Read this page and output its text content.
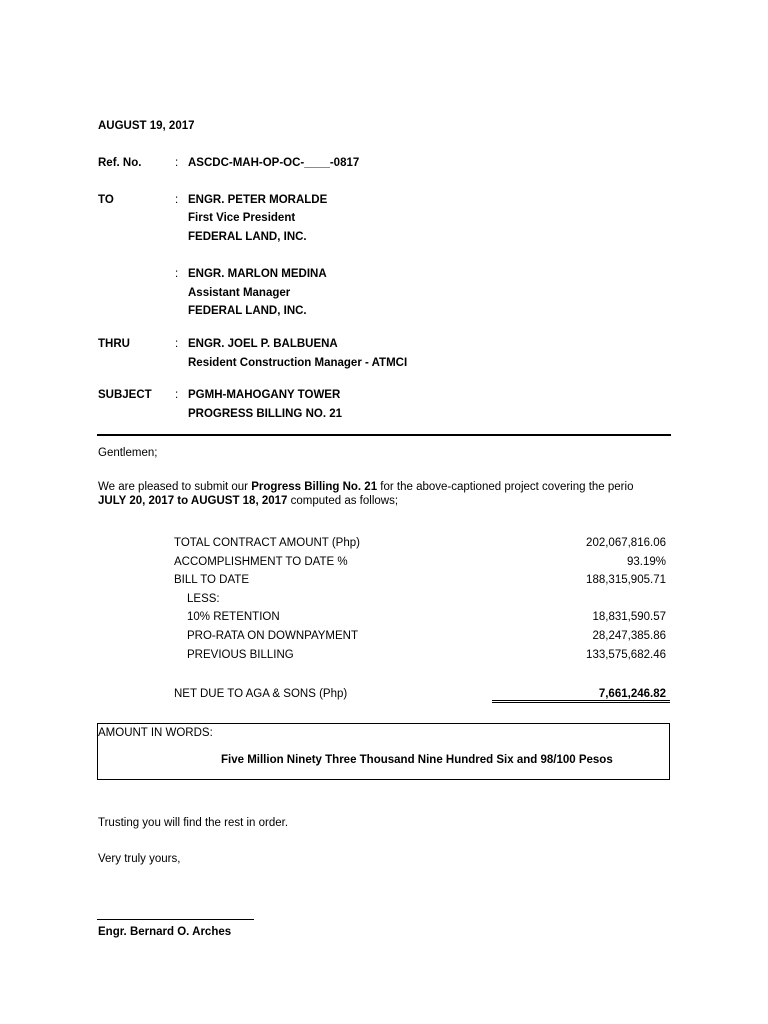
AUGUST 19, 2017
Ref. No.	: ASCDC-MAH-OP-OC-____-0817
TO	: ENGR. PETER MORALDE
First Vice President
FEDERAL LAND, INC.
: ENGR. MARLON MEDINA
Assistant Manager
FEDERAL LAND, INC.
THRU	: ENGR. JOEL P. BALBUENA
Resident Construction Manager - ATMCI
SUBJECT : PGMH-MAHOGANY TOWER
PROGRESS BILLING NO. 21
Gentlemen;
We are pleased to submit our Progress Billing No. 21 for the above-captioned project covering the perio
JULY 20, 2017 to AUGUST 18, 2017 computed as follows;
TOTAL CONTRACT AMOUNT (Php)	202,067,816.06
ACCOMPLISHMENT TO DATE %	93.19%
BILL TO DATE	188,315,905.71
LESS:
10% RETENTION	18,831,590.57
PRO-RATA ON DOWNPAYMENT	28,247,385.86
PREVIOUS BILLING	133,575,682.46
NET DUE TO AGA & SONS (Php)	7,661,246.82
AMOUNT IN WORDS:
Five Million Ninety Three Thousand Nine Hundred Six and 98/100 Pesos
Trusting you will find the rest in order.
Very truly yours,
Engr. Bernard O. Arches
